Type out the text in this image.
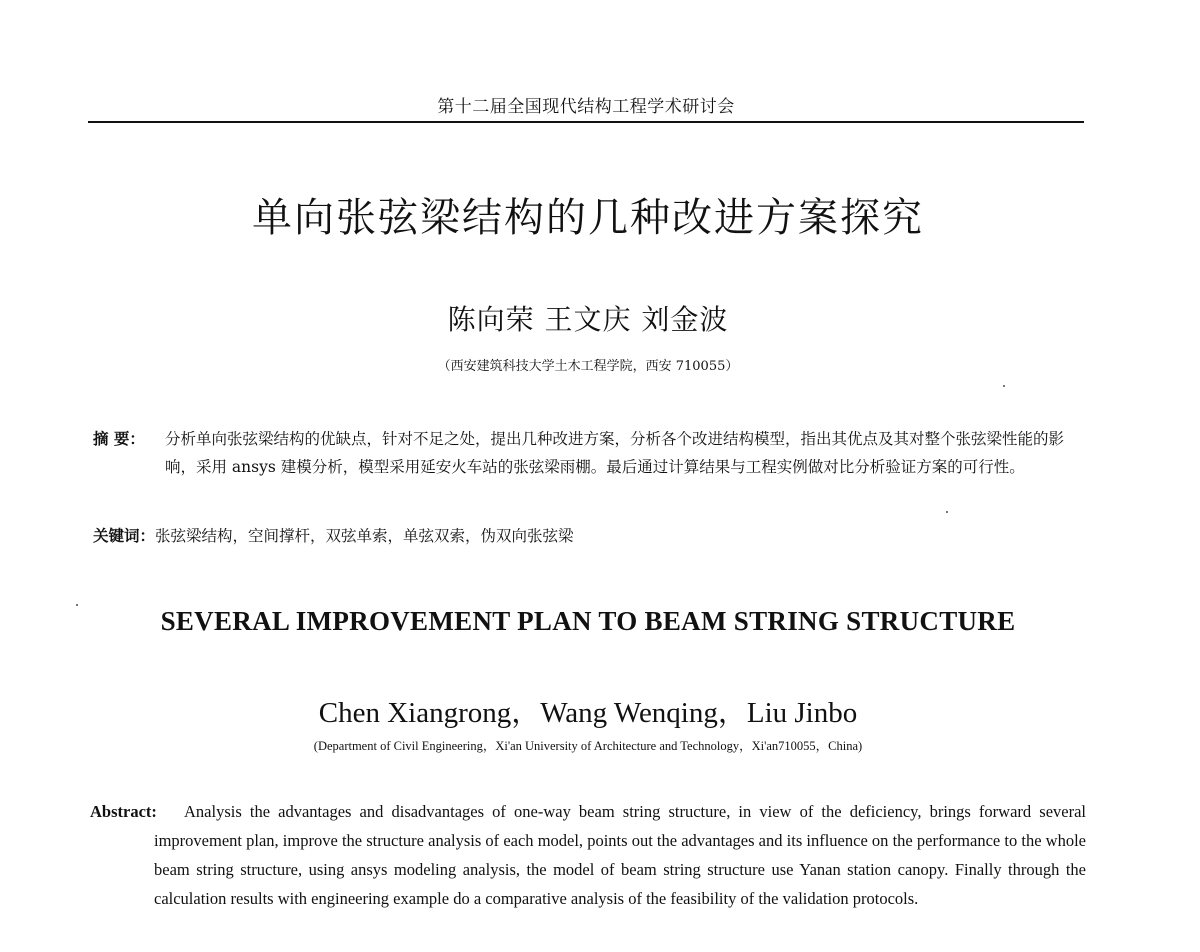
第十二届全国现代结构工程学术研讨会
单向张弦梁结构的几种改进方案探究
陈向荣 王文庆 刘金波
（西安建筑科技大学土木工程学院，西安 710055）
摘 要： 分析单向张弦梁结构的优缺点，针对不足之处，提出几种改进方案，分析各个改进结构模型，指出其优点及其对整个张弦梁性能的影响，采用 ansys 建模分析，模型采用延安火车站的张弦梁雨棚。最后通过计算结果与工程实例做对比分析验证方案的可行性。
关键词：张弦梁结构，空间撑杆，双弦单索，单弦双索，伪双向张弦梁
SEVERAL IMPROVEMENT PLAN TO BEAM STRING STRUCTURE
Chen Xiangrong，Wang Wenqing，Liu Jinbo
(Department of Civil Engineering，Xi'an University of Architecture and Technology，Xi'an710055，China)
Abstract:	Analysis the advantages and disadvantages of one-way beam string structure, in view of the deficiency, brings forward several improvement plan, improve the structure analysis of each model, points out the advantages and its influence on the performance to the whole beam string structure, using ansys modeling analysis, the model of beam string structure use Yanan station canopy. Finally through the calculation results with engineering example do a comparative analysis of the feasibility of the validation protocols.
